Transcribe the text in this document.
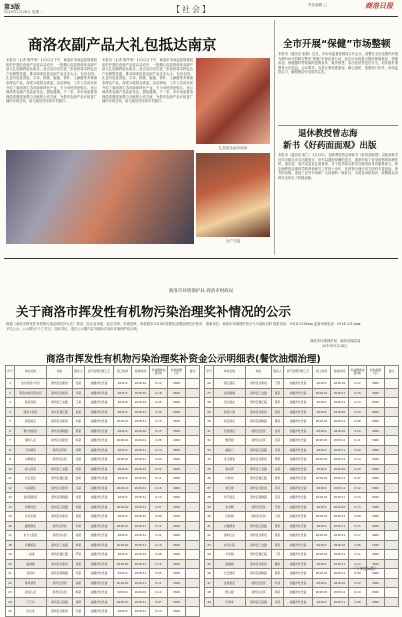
第3版
2019年1月28日 星期一	【社会】	责任编辑 □	商洛日报
商洛农副产品大礼包抵达南京
本报讯（记者 陈华荣）1月22日下午，商洛市市场监督管理局组织开展的农副产品进京活动中，一批精心包装的商洛农副产品大礼包顺利抵达南京。此次活动旨在进一步拓宽我市特色农产品销售渠道，推动商洛优质农副产品走出大山、走向全国。礼包内包括香菇、木耳、核桃、板栗、茶叶、土蜂蜜等多种商洛特色产品，深受当地群众欢迎。活动现场，工作人员向市民介绍了商洛的生态环境和特色产业，不少市民纷纷购买，表示商洛的农副产品品质优良、绿色健康。下一步，市市场监督管理局将继续加强与各地的合作交流，为我市农副产品开拓更广阔的市场空间，助力脱贫攻坚和乡村振兴。
本报讯（记者 陈华荣）1月22日下午，商洛市市场监督管理局组织开展的农副产品进京活动中，一批精心包装的商洛农副产品大礼包顺利抵达南京。此次活动旨在进一步拓宽我市特色农产品销售渠道，推动商洛优质农副产品走出大山、走向全国。礼包内包括香菇、木耳、核桃、板栗、茶叶、土蜂蜜等多种商洛特色产品，深受当地群众欢迎。活动现场，工作人员向市民介绍了商洛的生态环境和特色产业，不少市民纷纷购买，表示商洛的农副产品品质优良、绿色健康。下一步，市市场监督管理局将继续加强与各地的合作交流，为我市农副产品开拓更广阔的市场空间，助力脱贫攻坚和乡村振兴。
礼品抵达南京现场
农户交接
全市开展“保健”市场整顿
本报讯（通讯员 张敏）近日，市市场监督管理局召开会议，部署在全市范围内开展为期100天的联合整治“保健”市场乱象行动。此次行动将重点整治保健食品、保健用品、保健器材等领域的虚假宣传、欺诈销售、非法经营等违法行为，切实维护消费者合法权益。会议要求，各县区要高度重视，精心组织，加强部门协作，形成监管合力，确保整治行动取得实效。
退休教授曾志海
新书《好药面面观》出版
本报讯（通讯员 陈兰）1月20日，退休教授曾志海新书《好药面面观》由陕西科学技术出版社正式出版发行。该书以通俗易懂的语言，系统介绍了常见药物的药理作用、适应症、用法用量及注意事项，对于指导群众科学合理用药具有重要意义。曾志海教授从事药学教育和研究工作四十余年，在药物合理应用方面有丰富经验。该书的出版，得到了业内专家和广大读者的一致好评，为普及用药知识、保障群众用药安全作出了积极贡献。
商洛市环境保护局 商洛市财政局
关于商洛市挥发性有机物污染治理奖补情况的公示
根据《商洛市挥发性有机物污染治理奖补办法》要求，经企业申报、县区初审、市级复核，现将我市2018年度餐饮油烟治理奖补情况予以公示。公示期为7个工作日，如有异议，请在公示期内以书面形式向市环境保护局反映。
联系单位：商洛市环境保护局大气污染防治科 联系电话：0914-2318xxx 监督举报电话：0914-2313xxx
商洛市环境保护局 商洛市财政局
2019年1月24日
商洛市挥发性有机物污染治理奖补资金公示明细表(餐饮油烟治理)
序号	单位名称	地址	联系人	油气治理设施工艺	竣工时间	验收时间	年油烟排放量(吨)	补贴金额(元)	备注
1	金台宾馆(分店)	商州区北新街	张某	油烟净化设备	2018.9	2018.10	0.12	3000	
2	商洛市政府招待所	商州区北新街	李某	油烟净化设备	2018.9	2018.10	0.18	4500	
3	商洛宾馆	商州区工农路	王某	油烟净化设备	2018.8	2018.10	0.25	5000	
4	商洛大酒店	商州区通江路	赵某	油烟净化设备	2018.9	2018.11	0.20	5000	
5	商洛饭店	商州区北新街	刘某	油烟净化设备	2018.10	2018.11	0.10	2500	
6	聚丰园酒店	商州区商鞅路	陈某	油烟净化设备	2018.9	2018.10	0.15	3500	
7	秦岭人家	商州区北新街	杨某	油烟净化设备	2018.10	2018.11	0.08	2000	
8	天和酒店	商州区西街	周某	油烟净化设备	2018.9	2018.11	0.14	3500	
9	永顺饭店	商州区东街	吴某	油烟净化设备	2018.10	2018.11	0.09	2000	
10	商山宾馆	商州区工农路	郑某	油烟净化设备	2018.8	2018.10	0.22	5000	
11	丹江饭店	商州区通江路	孙某	油烟净化设备	2018.9	2018.10	0.11	3000	
12	华商酒店	商州区北新街	马某	油烟净化设备	2018.10	2018.11	0.16	4000	
13	金凤凰酒店	商州区商鞅路	朱某	油烟净化设备	2018.9	2018.11	0.13	3000	
14	荷塘月色	商州区江滨路	胡某	油烟净化设备	2018.10	2018.11	0.07	2000	
15	农家乐园	商州区北新街	郭某	油烟净化设备	2018.9	2018.10	0.06	1500	
16	鑫源酒店	商州区西街	何某	油烟净化设备	2018.10	2018.11	0.12	3000	
17	东方大酒店	商州区东街	高某	油烟净化设备	2018.9	2018.11	0.21	5000	
18	龙腾饭店	商州区工农路	林某	油烟净化设备	2018.10	2018.11	0.10	2500	
19	一品香	商州区通江路	罗某	油烟净化设备	2018.9	2018.10	0.08	2000	
20	福满楼	商州区北新街	梁某	油烟净化设备	2018.10	2018.11	0.15	3500	
21	老街坊	商州区商鞅路	宋某	油烟净化设备	2018.9	2018.11	0.09	2000	
22	秦风酒家	商州区西街	谢某	油烟净化设备	2018.10	2018.11	0.11	3000	
23	商洛人家	商州区东街	韩某	油烟净化设备	2018.9	2018.10	0.14	3500	
24	天天乐	商州区江滨路	唐某	油烟净化设备	2018.10	2018.11	0.07	2000	
25	好运来	商州区北新街	冯某	油烟净化设备	2018.9	2018.11	0.13	3000	
序号	单位名称	地址	联系人	油气治理设施工艺	竣工时间	验收时间	年油烟排放量(吨)	补贴金额(元)	备注
26	锦江酒店	商州区北新街	于某	油烟净化设备	2018.9	2018.10	0.12	3000	
27	金鼎酒楼	商州区工农路	董某	油烟净化设备	2018.10	2018.11	0.18	4500	
28	宏达饭庄	商州区通江路	萧某	油烟净化设备	2018.9	2018.11	0.10	2500	
29	商洛大厦	商州区北新街	程某	油烟净化设备	2018.8	2018.10	0.24	5000	
30	如意饭店	商州区商鞅路	曹某	油烟净化设备	2018.10	2018.11	0.08	2000	
31	君悦酒店	商州区西街	袁某	油烟净化设备	2018.9	2018.10	0.16	4000	
32	聚贤阁	商州区东街	邓某	油烟净化设备	2018.10	2018.11	0.11	3000	
33	福临门	商州区江滨路	许某	油烟净化设备	2018.9	2018.11	0.09	2000	
34	金玉满堂	商州区北新街	傅某	油烟净化设备	2018.10	2018.11	0.14	3500	
35	喜来登	商州区工农路	沈某	油烟净化设备	2018.9	2018.10	0.20	5000	
36	川味坊	商州区通江路	曾某	油烟净化设备	2018.10	2018.11	0.07	2000	
37	鸿运楼	商州区北新街	彭某	油烟净化设备	2018.9	2018.11	0.12	3000	
38	和平饭店	商州区商鞅路	吕某	油烟净化设备	2018.10	2018.11	0.10	2500	
39	东来顺	商州区西街	苏某	油烟净化设备	2018.9	2018.10	0.13	3000	
40	百味园	商州区东街	卢某	油烟净化设备	2018.10	2018.11	0.08	2000	
41	兴隆酒家	商州区江滨路	蒋某	油烟净化设备	2018.9	2018.11	0.15	3500	
42	秦岭山庄	商州区北新街	蔡某	油烟净化设备	2018.10	2018.11	0.17	4000	
43	农家小院	商州区工农路	贾某	油烟净化设备	2018.9	2018.10	0.06	1500	
44	丰泽园	商州区通江路	丁某	油烟净化设备	2018.10	2018.11	0.11	3000	
45	满福楼	商州区北新街	魏某	油烟净化设备	2018.9	2018.11	0.14	3500	
46	长安酒家	商州区商鞅路	薛某	油烟净化设备	2018.10	2018.11	0.09	2000	
47	金桥饭店	商州区西街	叶某	油烟净化设备	2018.9	2018.10	0.12	3000	
48	德兴楼	商州区东街	阎某	油烟净化设备	2018.10	2018.11	0.10	2500	
49	好再来	商州区江滨路	余某	油烟净化设备	2018.9	2018.11	0.08	2000	
（下转第6版）
